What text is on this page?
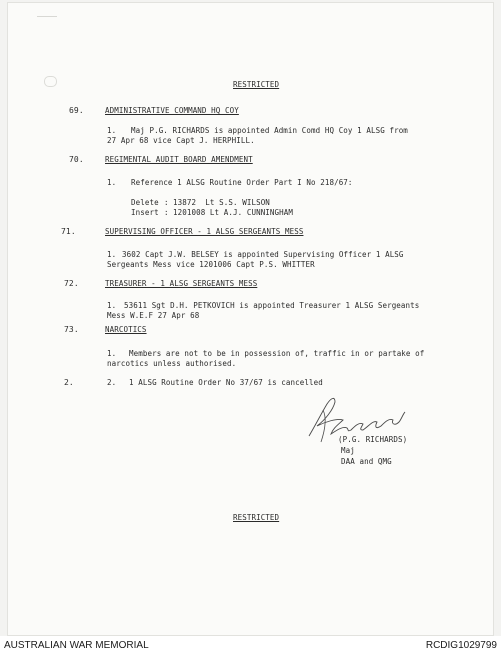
RESTRICTED
69.	ADMINISTRATIVE COMMAND HQ COY
1. Maj P.G. RICHARDS is appointed Admin Comd HQ Coy 1 ALSG from
27 Apr 68 vice Capt J. HERPHILL.
70.	REGIMENTAL AUDIT BOARD AMENDMENT
1. Reference 1 ALSG Routine Order Part I No 218/67:
Delete : 13872  Lt S.S. WILSON
Insert : 1201008 Lt A.J. CUNNINGHAM
71.	SUPERVISING OFFICER - 1 ALSG SERGEANTS MESS
1. 3602 Capt J.W. BELSEY is appointed Supervising Officer 1 ALSG
Sergeants Mess vice 1201006 Capt P.S. WHITTER
72.	TREASURER - 1 ALSG SERGEANTS MESS
1. 53611 Sgt D.H. PETKOVICH is appointed Treasurer 1 ALSG Sergeants
Mess W.E.F 27 Apr 68
73.	NARCOTICS
1. Members are not to be in possession of, traffic in or partake of
narcotics unless authorised.
2.	2. 1 ALSG Routine Order No 37/67 is cancelled
(P.G. RICHARDS)
Maj
DAA and QMG
RESTRICTED
AUSTRALIAN WAR MEMORIAL	RCDIG1029799
